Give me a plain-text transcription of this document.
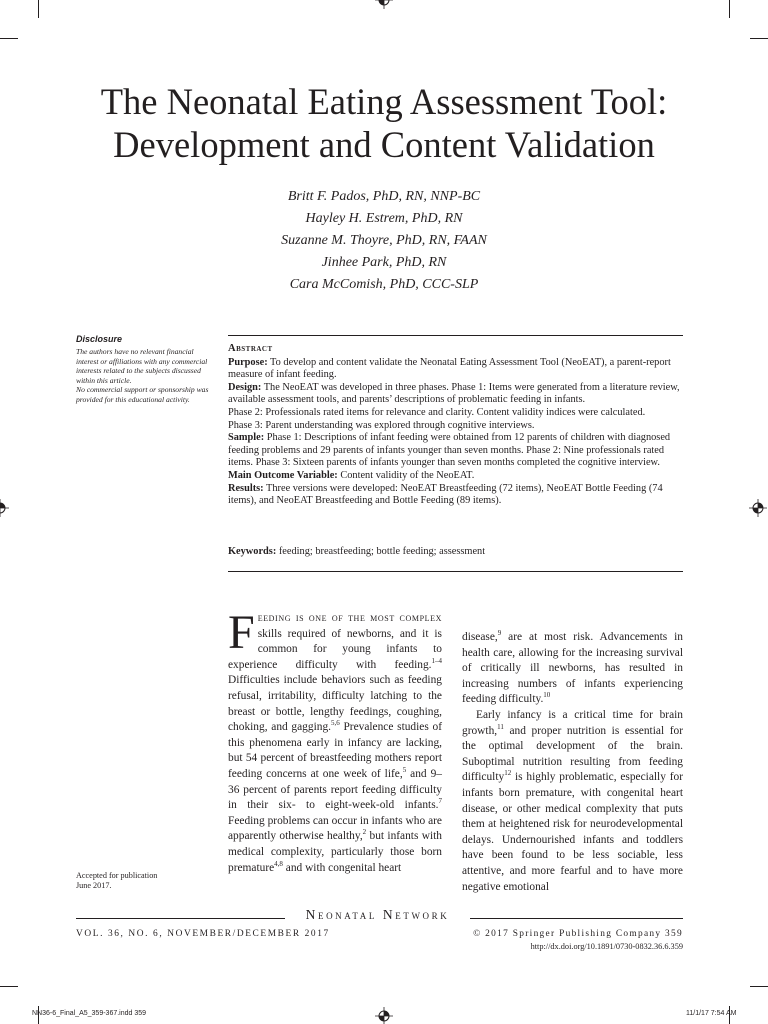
The Neonatal Eating Assessment Tool:
Development and Content Validation
Britt F. Pados, PhD, RN, NNP-BC
Hayley H. Estrem, PhD, RN
Suzanne M. Thoyre, PhD, RN, FAAN
Jinhee Park, PhD, RN
Cara McComish, PhD, CCC-SLP
Disclosure

The authors have no relevant financial interest or affiliations with any commercial interests related to the subjects discussed within this article.

No commercial support or sponsorship was provided for this educational activity.

Abstract

Purpose: To develop and content validate the Neonatal Eating Assessment Tool (NeoEAT), a parent-report measure of infant feeding.

Design: The NeoEAT was developed in three phases. Phase 1: Items were generated from a literature review, available assessment tools, and parents’ descriptions of problematic feeding in infants.

Phase 2: Professionals rated items for relevance and clarity. Content validity indices were calculated.

Phase 3: Parent understanding was explored through cognitive interviews.

Sample: Phase 1: Descriptions of infant feeding were obtained from 12 parents of children with diagnosed feeding problems and 29 parents of infants younger than seven months. Phase 2: Nine professionals rated items. Phase 3: Sixteen parents of infants younger than seven months completed the cognitive interview.

Main Outcome Variable: Content validity of the NeoEAT.

Results: Three versions were developed: NeoEAT Breastfeeding (72 items), NeoEAT Bottle Feeding (74 items), and NeoEAT Breastfeeding and Bottle Feeding (89 items).

Keywords: feeding; breastfeeding; bottle feeding; assessment

Feeding is one of the most complex skills required of newborns, and it is common for young infants to experience difficulty with feeding.$^{1-4}$ Difficulties include behaviors such as feeding refusal, irritability, difficulty latching to the breast or bottle, lengthy feedings, coughing, choking, and gagging.$^{5,6}$ Prevalence studies of this phenomena early in infancy are lacking, but 54 percent of breastfeeding mothers report feeding concerns at one week of life,$^5$ and 9–36 percent of parents report feeding difficulty in their six- to eight-week-old infants.$^7$ Feeding problems can occur in infants who are apparently otherwise healthy,$^2$ but infants with medical complexity, particularly those born premature$^{4,8}$ and with congenital heart

disease,$^9$ are at most risk. Advancements in health care, allowing for the increasing survival of critically ill newborns, has resulted in increasing numbers of infants experiencing feeding difficulty.$^{10}$

Early infancy is a critical time for brain growth,$^{11}$ and proper nutrition is essential for the optimal development of the brain. Suboptimal nutrition resulting from feeding difficulty$^{12}$ is highly problematic, especially for infants born premature, with congenital heart disease, or other medical complexity that puts them at heightened risk for neurodevelopmental delays. Undernourished infants and toddlers have been found to be less sociable, less attentive, and more fearful and to have more negative emotional

Accepted for publication
June 2017.
Neonatal Network
VOL. 36, NO. 6, NOVEMBER/DECEMBER 2017	© 2017 Springer Publishing Company 359
http://dx.doi.org/10.1891/0730-0832.36.6.359
NN36-6_Final_A5_359-367.indd 359	11/1/17 7:54 AM
